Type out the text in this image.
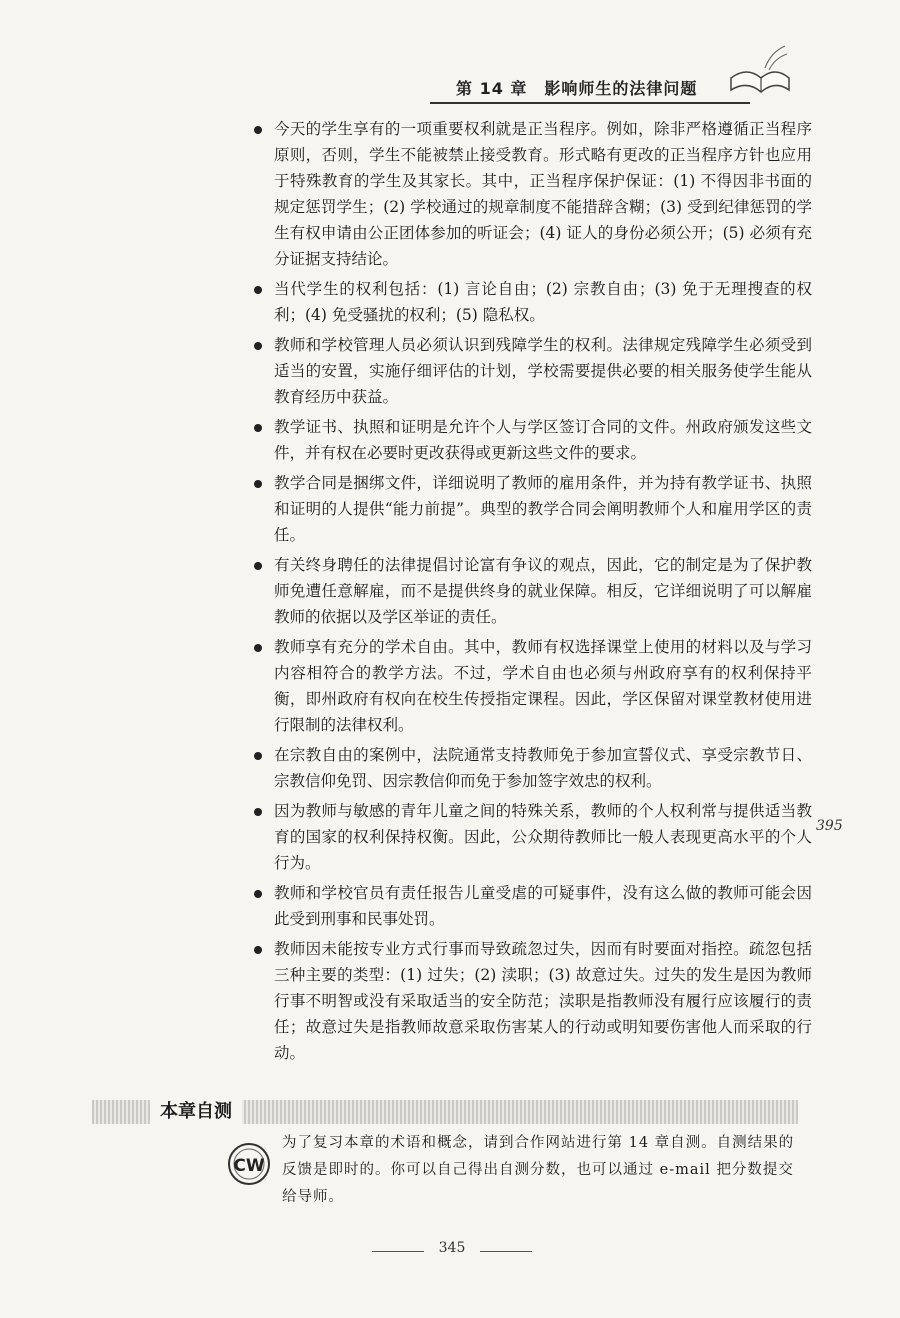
第 14 章　影响师生的法律问题
今天的学生享有的一项重要权利就是正当程序。例如，除非严格遵循正当程序原则，否则，学生不能被禁止接受教育。形式略有更改的正当程序方针也应用于特殊教育的学生及其家长。其中，正当程序保护保证：(1) 不得因非书面的规定惩罚学生；(2) 学校通过的规章制度不能措辞含糊；(3) 受到纪律惩罚的学生有权申请由公正团体参加的听证会；(4) 证人的身份必须公开；(5) 必须有充分证据支持结论。
当代学生的权利包括：(1) 言论自由；(2) 宗教自由；(3) 免于无理搜查的权利；(4) 免受骚扰的权利；(5) 隐私权。
教师和学校管理人员必须认识到残障学生的权利。法律规定残障学生必须受到适当的安置，实施仔细评估的计划，学校需要提供必要的相关服务使学生能从教育经历中获益。
教学证书、执照和证明是允许个人与学区签订合同的文件。州政府颁发这些文件，并有权在必要时更改获得或更新这些文件的要求。
教学合同是捆绑文件，详细说明了教师的雇用条件，并为持有教学证书、执照和证明的人提供“能力前提”。典型的教学合同会阐明教师个人和雇用学区的责任。
有关终身聘任的法律提倡讨论富有争议的观点，因此，它的制定是为了保护教师免遭任意解雇，而不是提供终身的就业保障。相反，它详细说明了可以解雇教师的依据以及学区举证的责任。
教师享有充分的学术自由。其中，教师有权选择课堂上使用的材料以及与学习内容相符合的教学方法。不过，学术自由也必须与州政府享有的权利保持平衡，即州政府有权向在校生传授指定课程。因此，学区保留对课堂教材使用进行限制的法律权利。
在宗教自由的案例中，法院通常支持教师免于参加宣誓仪式、享受宗教节日、宗教信仰免罚、因宗教信仰而免于参加签字效忠的权利。
因为教师与敏感的青年儿童之间的特殊关系，教师的个人权利常与提供适当教育的国家的权利保持权衡。因此，公众期待教师比一般人表现更高水平的个人行为。
教师和学校官员有责任报告儿童受虐的可疑事件，没有这么做的教师可能会因此受到刑事和民事处罚。
教师因未能按专业方式行事而导致疏忽过失，因而有时要面对指控。疏忽包括三种主要的类型：(1) 过失；(2) 渎职；(3) 故意过失。过失的发生是因为教师行事不明智或没有采取适当的安全防范；渎职是指教师没有履行应该履行的责任；故意过失是指教师故意采取伤害某人的行动或明知要伤害他人而采取的行动。
395
本章自测
CW
为了复习本章的术语和概念，请到合作网站进行第 14 章自测。自测结果的反馈是即时的。你可以自己得出自测分数，也可以通过 e-mail 把分数提交给导师。
345
